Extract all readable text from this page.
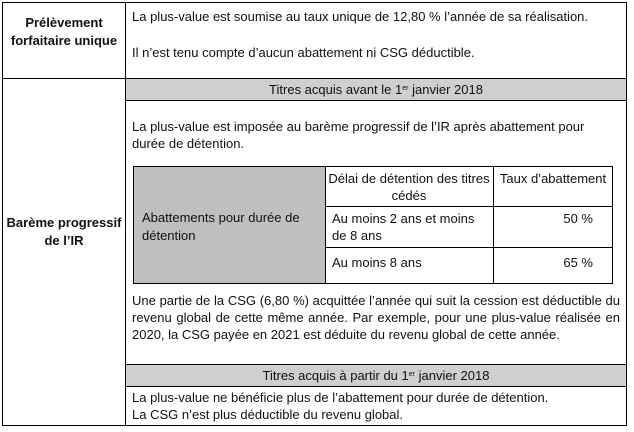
Prélèvement forfaitaire unique
La plus-value est soumise au taux unique de 12,80 % l’année de sa réalisation.
Il n’est tenu compte d’aucun abattement ni CSG déductible.
Barème progressif de l’IR
Titres acquis avant le 1er janvier 2018
La plus-value est imposée au barème progressif de l’IR après abattement pour durée de détention.
Abattements pour durée de détention
Délai de détention des titres cédés
Taux d’abattement
Au moins 2 ans et moins de 8 ans
50 %
Au moins 8 ans	65 %
Une partie de la CSG (6,80 %) acquittée l’année qui suit la cession est déductible du revenu global de cette même année. Par exemple, pour une plus-value réalisée en 2020, la CSG payée en 2021 est déduite du revenu global de cette année.
Titres acquis à partir du 1er janvier 2018
La plus-value ne bénéficie plus de l’abattement pour durée de détention.
La CSG n’est plus déductible du revenu global.
